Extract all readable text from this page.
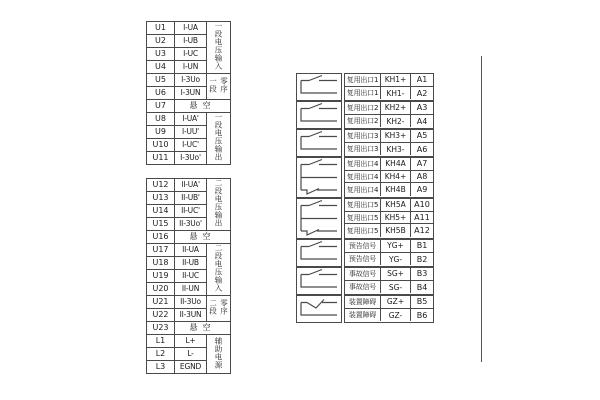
U1	I-UA	一段电压输入
U2	I-UB	
U3	I-UC	
U4	I-UN	
U5	I-3Uo	一段零序
U6	I-3UN	
U7	悬空	
U8	I-UA'	一段电压输出
U9	I-UU'	
U10	I-UC'	
U11	I-3Uo'	
U12	II-UA'	二段电压输出
U13	II-UB'	
U14	II-UC'	
U15	II-3Uo'	
U16	悬空	
U17	II-UA	二段电压输入
U18	II-UB	
U19	II-UC	
U20	II-UN	
U21	II-3Uo	二段零序
U22	II-3UN	
U23	悬空	
L1	L+	辅助电源
L2	L-	
L3	EGND	
复用出口1 KH1+	A1
复用出口1	KH1-	A2
复用出口2 KH2+	A3
复用出口2	KH2-	A4
复用出口3 KH3+	A5
复用出口3	KH3-	A6
复用出口4 KH4A	A7
复用出口4 KH4+	A8
复用出口4 KH4B	A9
复用出口5 KH5A	A10
复用出口5 KH5+ A11
复用出口5 KH5B	A12
预告信号	YG+	B1
预告信号	YG-	B2
事故信号	SG+	B3
事故信号	SG-	B4
装置障碍	GZ+	B5
装置障碍	GZ-	B6
